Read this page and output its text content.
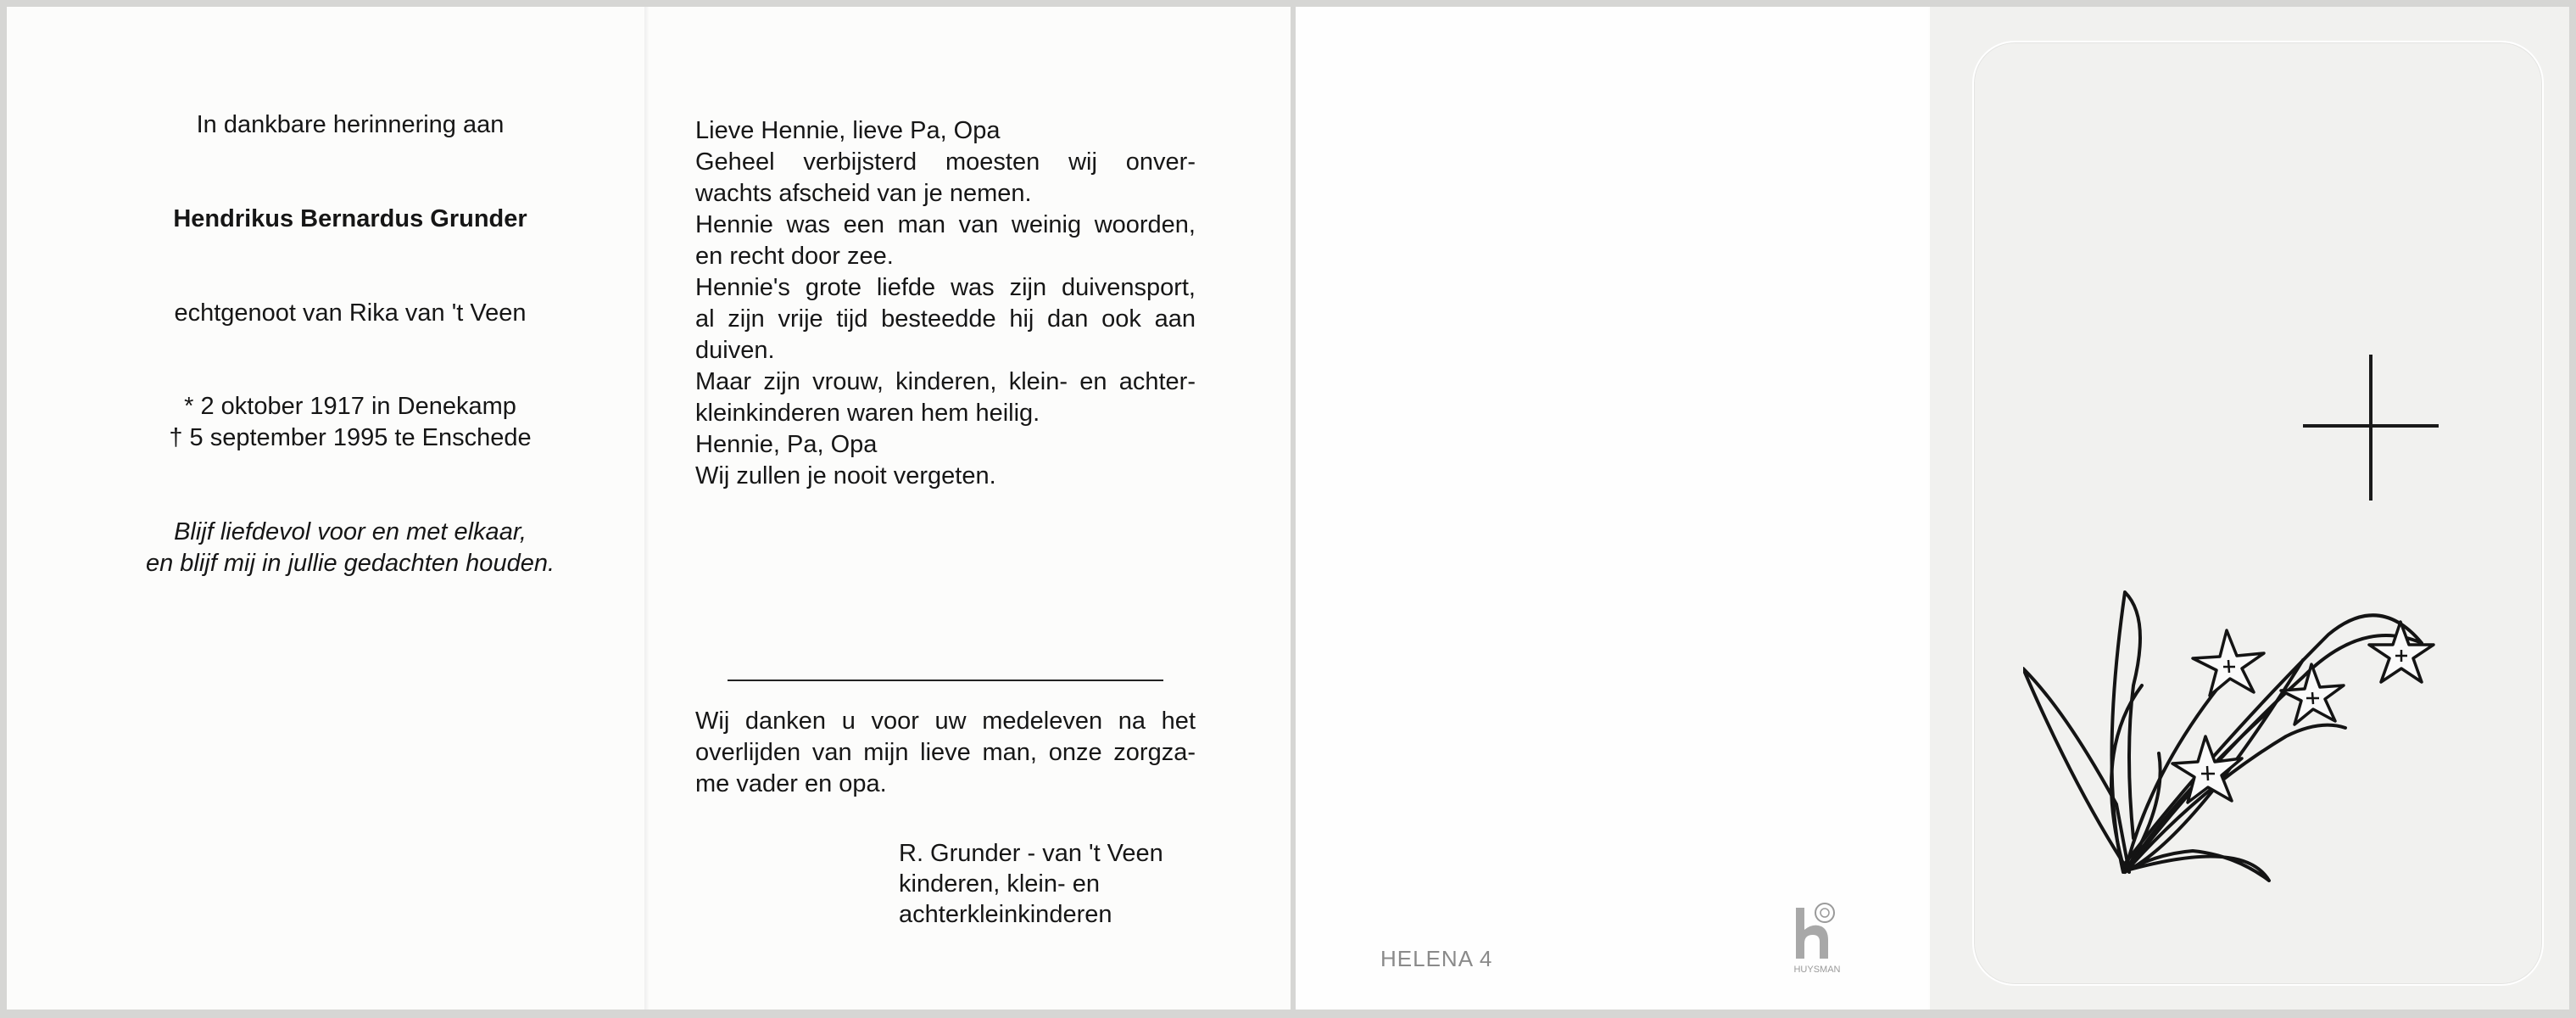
In dankbare herinnering aan
Hendrikus Bernardus Grunder
echtgenoot van Rika van 't Veen
* 2 oktober 1917 in Denekamp
† 5 september 1995 te Enschede
Blijf liefdevol voor en met elkaar,
en blijf mij in jullie gedachten houden.
Lieve Hennie, lieve Pa, Opa
Geheel verbijsterd moesten wij onver-
wachts afscheid van je nemen.
Hennie was een man van weinig woorden,
en recht door zee.
Hennie's grote liefde was zijn duivensport,
al zijn vrije tijd besteedde hij dan ook aan
duiven.
Maar zijn vrouw, kinderen, klein- en achter-
kleinkinderen waren hem heilig.
Hennie, Pa, Opa
Wij zullen je nooit vergeten.
Wij danken u voor uw medeleven na het
overlijden van mijn lieve man, onze zorgza-
me vader en opa.
R. Grunder - van 't Veen
kinderen, klein- en
achterkleinkinderen
HELENA 4	HUYSMAN
